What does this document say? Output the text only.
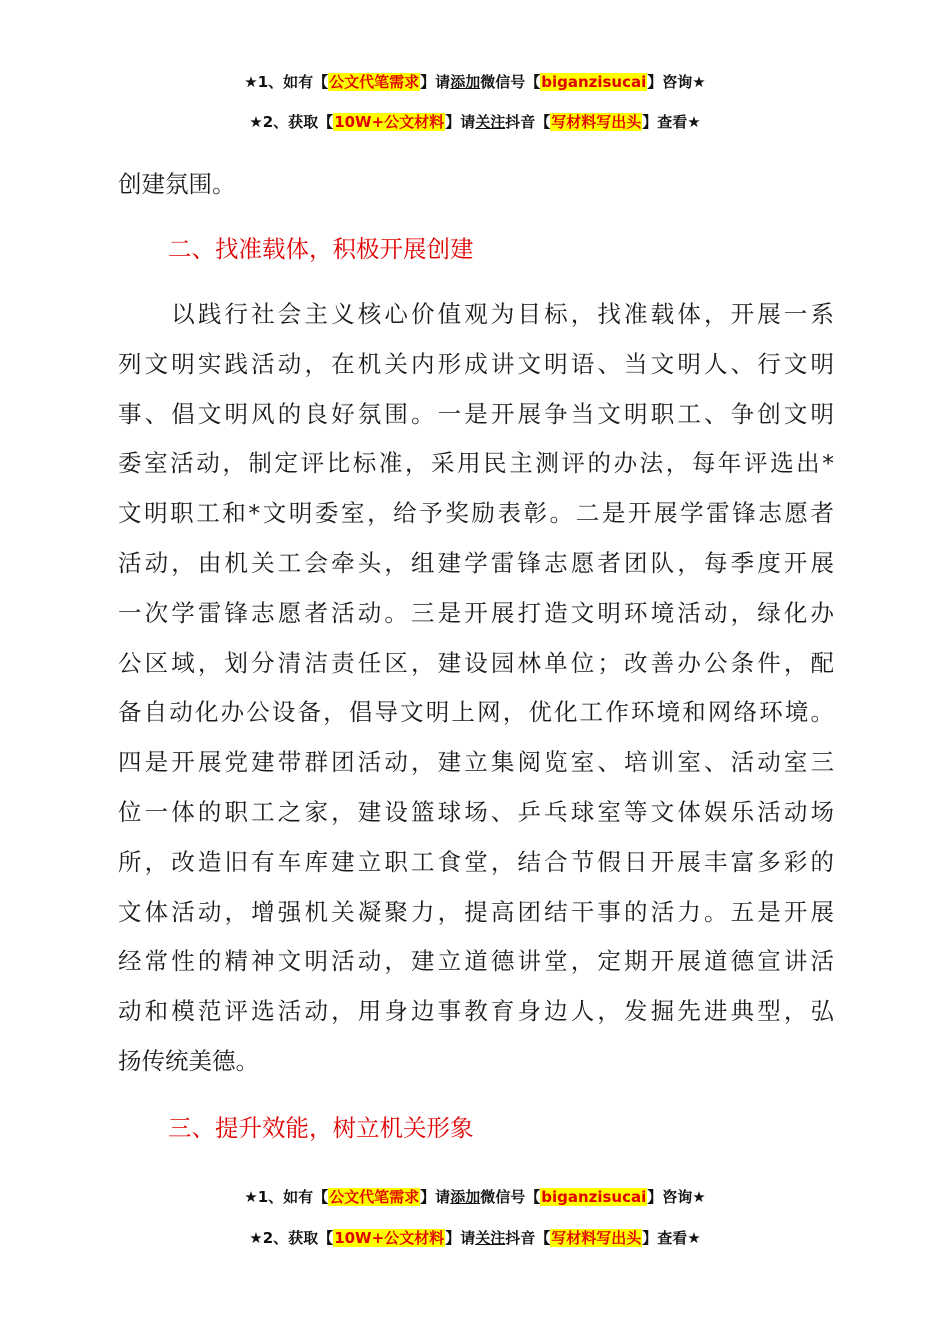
★1、如有【公文代笔需求】请添加微信号【biganzisucai】咨询★
★2、获取【10W+公文材料】请关注抖音【写材料写出头】查看★
创建氛围。
二、找准载体，积极开展创建
　　以践行社会主义核心价值观为目标，找准载体，开展一系
列文明实践活动，在机关内形成讲文明语、当文明人、行文明
事、倡文明风的良好氛围。一是开展争当文明职工、争创文明
委室活动，制定评比标准，采用民主测评的办法，每年评选出*
文明职工和*文明委室，给予奖励表彰。二是开展学雷锋志愿者
活动，由机关工会牵头，组建学雷锋志愿者团队，每季度开展
一次学雷锋志愿者活动。三是开展打造文明环境活动，绿化办
公区域，划分清洁责任区，建设园林单位；改善办公条件，配
备自动化办公设备，倡导文明上网，优化工作环境和网络环境。
四是开展党建带群团活动，建立集阅览室、培训室、活动室三
位一体的职工之家，建设篮球场、乒乓球室等文体娱乐活动场
所，改造旧有车库建立职工食堂，结合节假日开展丰富多彩的
文体活动，增强机关凝聚力，提高团结干事的活力。五是开展
经常性的精神文明活动，建立道德讲堂，定期开展道德宣讲活
动和模范评选活动，用身边事教育身边人，发掘先进典型，弘
扬传统美德。
三、提升效能，树立机关形象
★1、如有【公文代笔需求】请添加微信号【biganzisucai】咨询★
★2、获取【10W+公文材料】请关注抖音【写材料写出头】查看★
